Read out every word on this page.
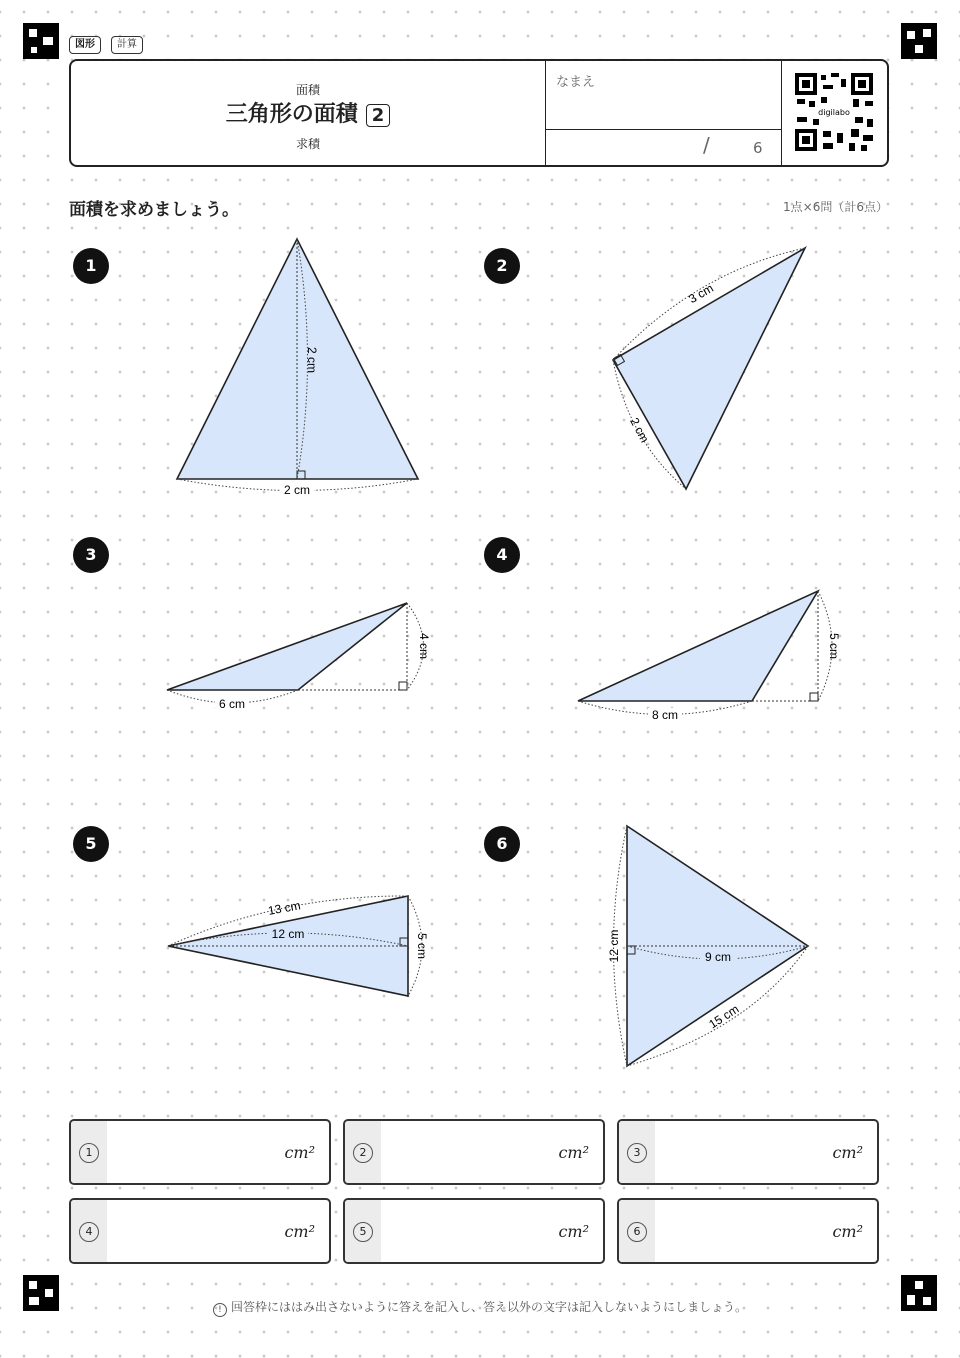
図形	計算
面積
三角形の面積 2
求積
なまえ
/	6
digilabo
面積を求めましょう。	1点×6問（計6点）
1	2
3	4
5	6
2 cm
2 cm
3 cm
2 cm
6 cm
4 cm
8 cm
5 cm
13 cm
12 cm	5 cm	12 cm	9 cm
15 cm
1	cm²	2	cm²	3	cm²
4	cm²	5	cm²	6	cm²
! 回答枠にははみ出さないように答えを記入し、答え以外の文字は記入しないようにしましょう。
